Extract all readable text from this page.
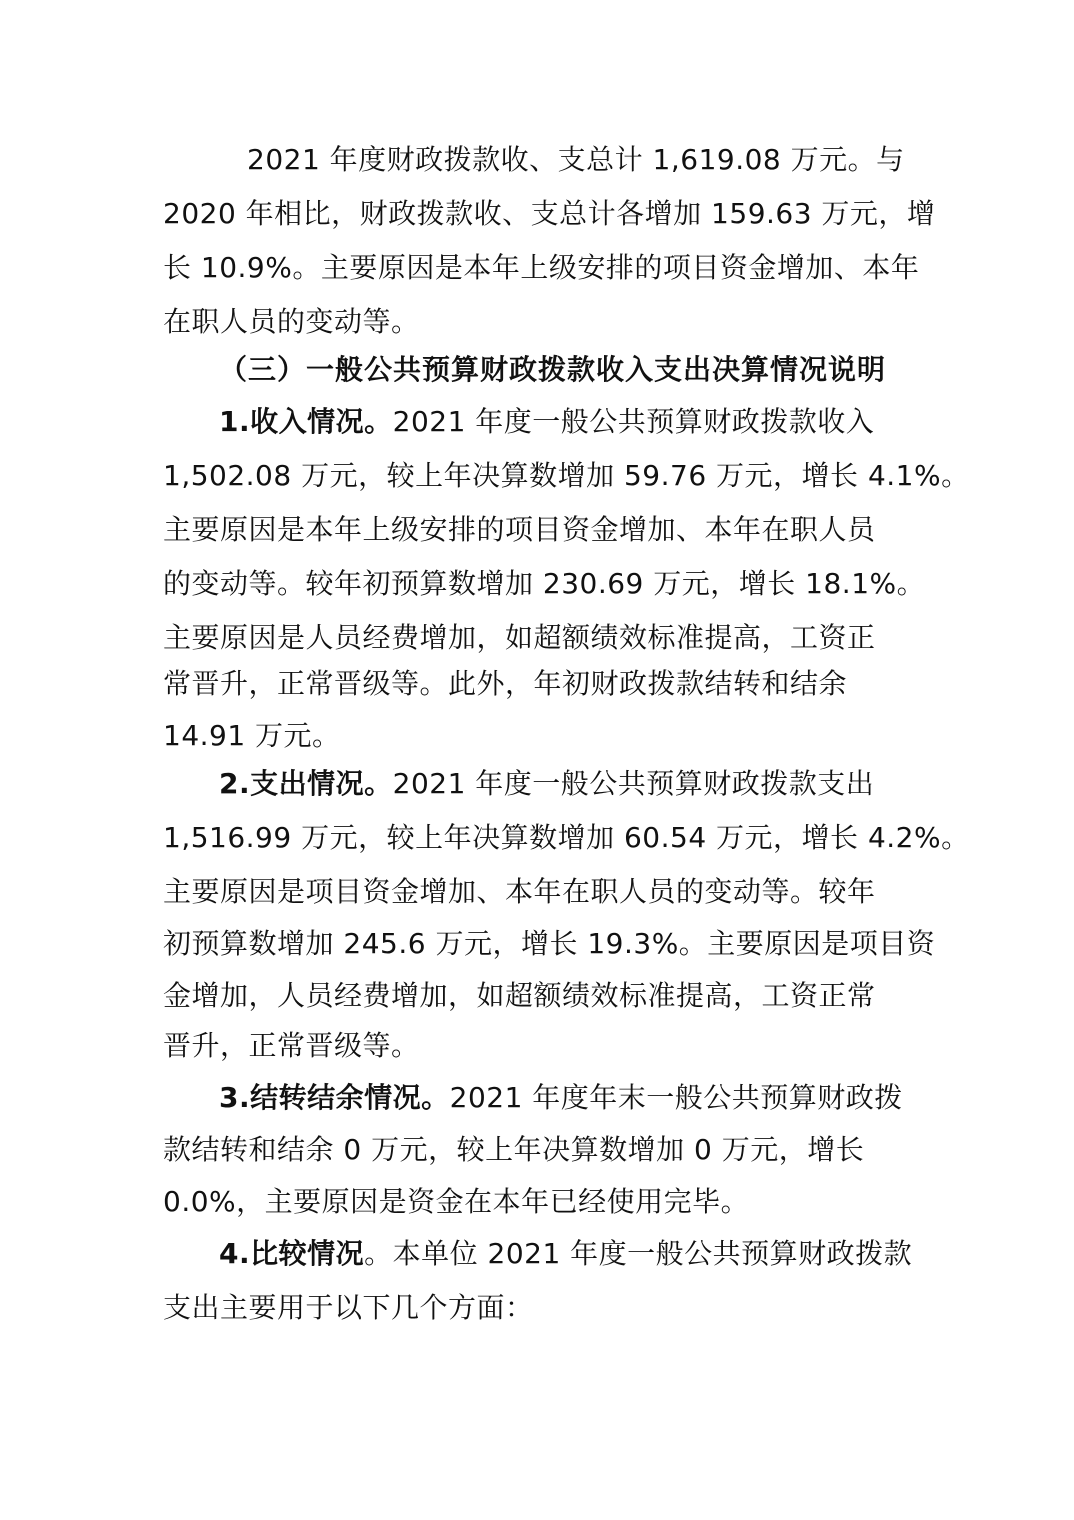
2021 年度财政拨款收、支总计 1,619.08 万元。与
2020 年相比，财政拨款收、支总计各增加 159.63 万元，增
长 10.9%。主要原因是本年上级安排的项目资金增加、本年
在职人员的变动等。
（三）一般公共预算财政拨款收入支出决算情况说明
1.收入情况。2021 年度一般公共预算财政拨款收入
1,502.08 万元，较上年决算数增加 59.76 万元，增长 4.1%。
主要原因是本年上级安排的项目资金增加、本年在职人员
的变动等。较年初预算数增加 230.69 万元，增长 18.1%。
主要原因是人员经费增加，如超额绩效标准提高，工资正
常晋升，正常晋级等。此外，年初财政拨款结转和结余
14.91 万元。
2.支出情况。2021 年度一般公共预算财政拨款支出
1,516.99 万元，较上年决算数增加 60.54 万元，增长 4.2%。
主要原因是项目资金增加、本年在职人员的变动等。较年
初预算数增加 245.6 万元，增长 19.3%。主要原因是项目资
金增加，人员经费增加，如超额绩效标准提高，工资正常
晋升，正常晋级等。
3.结转结余情况。2021 年度年末一般公共预算财政拨
款结转和结余 0 万元，较上年决算数增加 0 万元，增长
0.0%，主要原因是资金在本年已经使用完毕。
4.比较情况。本单位 2021 年度一般公共预算财政拨款
支出主要用于以下几个方面：
